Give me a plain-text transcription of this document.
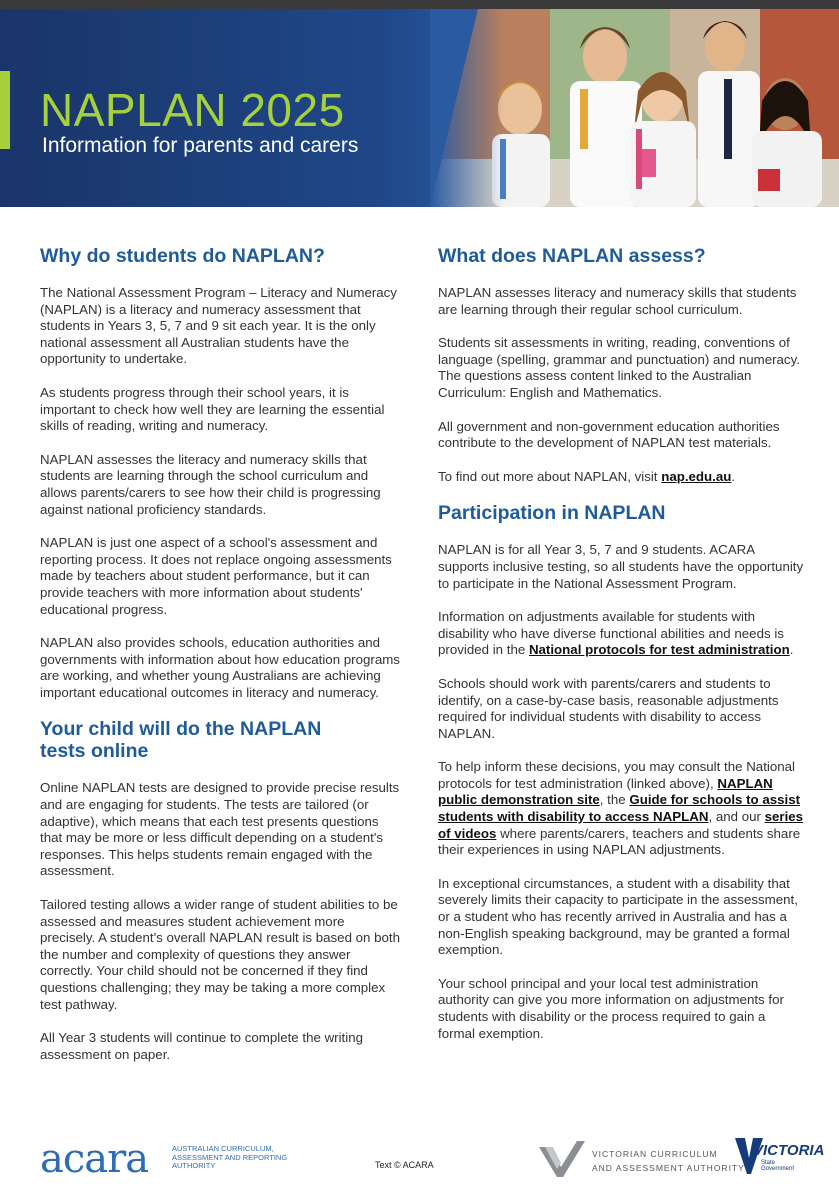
NAPLAN 2025
Information for parents and carers
Why do students do NAPLAN?

The National Assessment Program – Literacy and Numeracy (NAPLAN) is a literacy and numeracy assessment that students in Years 3, 5, 7 and 9 sit each year. It is the only national assessment all Australian students have the opportunity to undertake.

As students progress through their school years, it is important to check how well they are learning the essential skills of reading, writing and numeracy.

NAPLAN assesses the literacy and numeracy skills that students are learning through the school curriculum and allows parents/carers to see how their child is progressing against national proficiency standards.

NAPLAN is just one aspect of a school's assessment and reporting process. It does not replace ongoing assessments made by teachers about student performance, but it can provide teachers with more information about students' educational progress.

NAPLAN also provides schools, education authorities and governments with information about how education programs are working, and whether young Australians are achieving important educational outcomes in literacy and numeracy.

Your child will do the NAPLAN
tests online

Online NAPLAN tests are designed to provide precise results and are engaging for students. The tests are tailored (or adaptive), which means that each test presents questions that may be more or less difficult depending on a student's responses. This helps students remain engaged with the assessment.

Tailored testing allows a wider range of student abilities to be assessed and measures student achievement more precisely. A student's overall NAPLAN result is based on both the number and complexity of questions they answer correctly. Your child should not be concerned if they find questions challenging; they may be taking a more complex test pathway.

All Year 3 students will continue to complete the writing assessment on paper.

What does NAPLAN assess?

NAPLAN assesses literacy and numeracy skills that students are learning through their regular school curriculum.

Students sit assessments in writing, reading, conventions of language (spelling, grammar and punctuation) and numeracy. The questions assess content linked to the Australian Curriculum: English and Mathematics.

All government and non-government education authorities contribute to the development of NAPLAN test materials.

To find out more about NAPLAN, visit nap.edu.au.

Participation in NAPLAN

NAPLAN is for all Year 3, 5, 7 and 9 students. ACARA supports inclusive testing, so all students have the opportunity to participate in the National Assessment Program.

Information on adjustments available for students with disability who have diverse functional abilities and needs is provided in the National protocols for test administration.

Schools should work with parents/carers and students to identify, on a case-by-case basis, reasonable adjustments required for individual students with disability to access NAPLAN.

To help inform these decisions, you may consult the National protocols for test administration (linked above), NAPLAN public demonstration site, the Guide for schools to assist students with disability to access NAPLAN, and our series of videos where parents/carers, teachers and students share their experiences in using NAPLAN adjustments.

In exceptional circumstances, a student with a disability that severely limits their capacity to participate in the assessment, or a student who has recently arrived in Australia and has a non-English speaking background, may be granted a formal exemption.

Your school principal and your local test administration authority can give you more information on adjustments for students with disability or the process required to gain a formal exemption.

acara	AUSTRALIAN CURRICULUM, ASSESSMENT AND REPORTING AUTHORITY	Text © ACARA
VICTORIAN CURRICULUM
AND ASSESSMENT AUTHORITY
VICTORIA
State
Government
